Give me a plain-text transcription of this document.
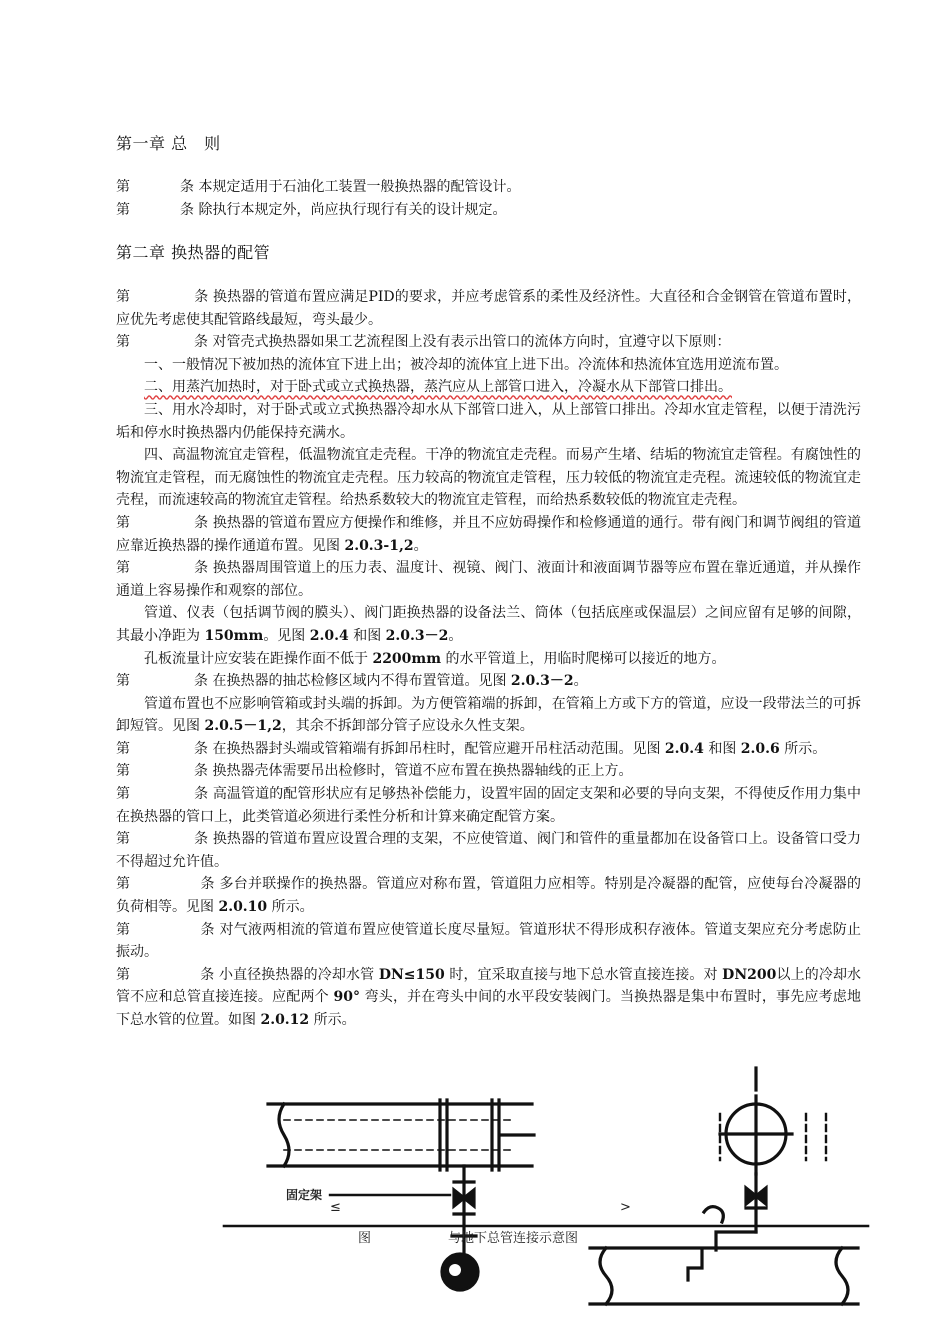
第一章 总　则
第	条 本规定适用于石油化工装置一般换热器的配管设计。
第	条 除执行本规定外，尚应执行现行有关的设计规定。
第二章 换热器的配管
第	条 换热器的管道布置应满足PID的要求，并应考虑管系的柔性及经济性。大直径和合金钢管在管道布置时，应优先考虑使其配管路线最短，弯头最少。
第	条 对管壳式换热器如果工艺流程图上没有表示出管口的流体方向时，宜遵守以下原则：
一、一般情况下被加热的流体宜下进上出；被冷却的流体宜上进下出。冷流体和热流体宜选用逆流布置。
二、用蒸汽加热时，对于卧式或立式换热器，蒸汽应从上部管口进入，冷凝水从下部管口排出。
三、用水冷却时，对于卧式或立式换热器冷却水从下部管口进入，从上部管口排出。冷却水宜走管程，以便于清洗污垢和停水时换热器内仍能保持充满水。
四、高温物流宜走管程，低温物流宜走壳程。干净的物流宜走壳程。而易产生堵、结垢的物流宜走管程。有腐蚀性的物流宜走管程，而无腐蚀性的物流宜走壳程。压力较高的物流宜走管程，压力较低的物流宜走壳程。流速较低的物流宜走壳程，而流速较高的物流宜走管程。给热系数较大的物流宜走管程，而给热系数较低的物流宜走壳程。
第	条 换热器的管道布置应方便操作和维修，并且不应妨碍操作和检修通道的通行。带有阀门和调节阀组的管道应靠近换热器的操作通道布置。见图 2.0.3-1,2。
第	条 换热器周围管道上的压力表、温度计、视镜、阀门、液面计和液面调节器等应布置在靠近通道，并从操作通道上容易操作和观察的部位。
管道、仪表（包括调节阀的膜头）、阀门距换热器的设备法兰、筒体（包括底座或保温层）之间应留有足够的间隙，其最小净距为 150mm。见图 2.0.4 和图 2.0.3－2。
孔板流量计应安装在距操作面不低于 2200mm 的水平管道上，用临时爬梯可以接近的地方。
第	条 在换热器的抽芯检修区域内不得布置管道。见图 2.0.3－2。
管道布置也不应影响管箱或封头端的拆卸。为方便管箱端的拆卸，在管箱上方或下方的管道，应设一段带法兰的可拆卸短管。见图 2.0.5－1,2，其余不拆卸部分管子应设永久性支架。
第	条 在换热器封头端或管箱端有拆卸吊柱时，配管应避开吊柱活动范围。见图 2.0.4 和图 2.0.6 所示。
第	条 换热器壳体需要吊出检修时，管道不应布置在换热器轴线的正上方。
第	条 高温管道的配管形状应有足够热补偿能力，设置牢固的固定支架和必要的导向支架，不得使反作用力集中在换热器的管口上，此类管道必须进行柔性分析和计算来确定配管方案。
第	条 换热器的管道布置应设置合理的支架，不应使管道、阀门和管件的重量都加在设备管口上。设备管口受力不得超过允许值。
第	条 多台并联操作的换热器。管道应对称布置，管道阻力应相等。特别是冷凝器的配管，应使每台冷凝器的负荷相等。见图 2.0.10 所示。
第	条 对气液两相流的管道布置应使管道长度尽量短。管道形状不得形成积存液体。管道支架应充分考虑防止振动。
第	条 小直径换热器的冷却水管 DN≤150 时，宜采取直接与地下总水管直接连接。对 DN200以上的冷却水管不应和总管直接连接。应配两个 90° 弯头，并在弯头中间的水平段安装阀门。当换热器是集中布置时，事先应考虑地下总水管的位置。如图 2.0.12 所示。
固定架
≤	>
图	与地下总管连接示意图
